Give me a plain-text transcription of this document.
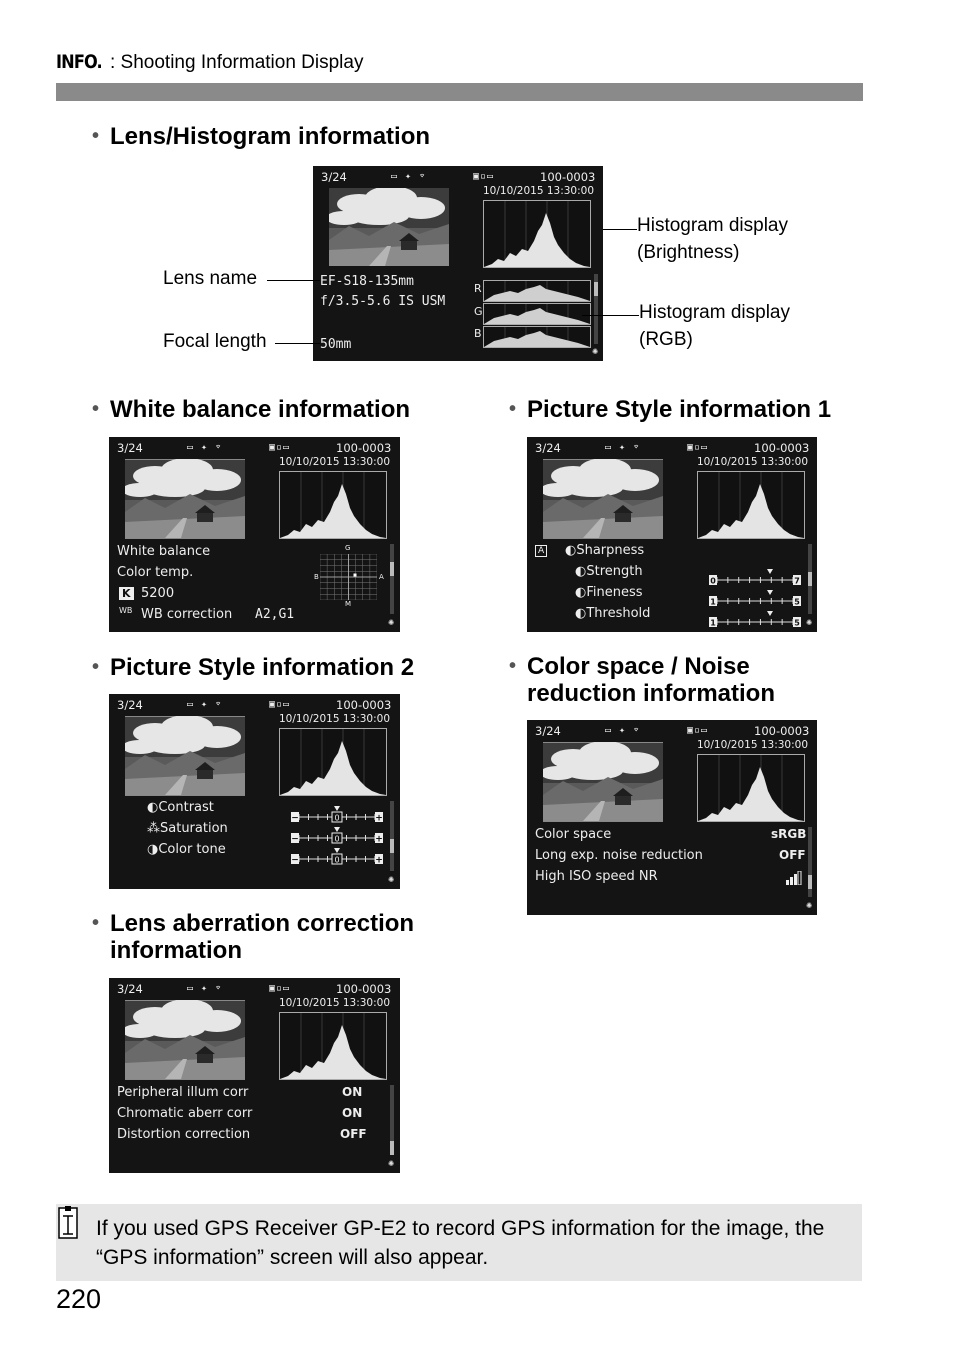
INFO. : Shooting Information Display
• Lens/Histogram information
3/24	▭ ✦ ⌔	▣▫▭	100-0003
10/10/2015 13:30:00
EF-S18-135mm
f/3.5-5.6 IS USM
50mm
R
G
B
✺
Histogram display
(Brightness)
Lens name
Focal length
Histogram display
(RGB)
• White balance information
3/24	▭ ✦ ⌔	▣▫▭	100-0003
10/10/2015 13:30:00
White balance
Color temp.
K 5200
WB WB correction A2,G1
G
M
B	A
✺
• Picture Style information 1
3/24	▭ ✦ ⌔	▣▫▭	100-0003
10/10/2015 13:30:00
A ◐Sharpness
◐Strength
◐Fineness
◐Threshold
0	7
1	5
1	5 ✺
• Picture Style information 2
3/24	▭ ✦ ⌔	▣▫▭	100-0003
10/10/2015 13:30:00
◐Contrast
⁂Saturation
◑Color tone
−	+
0
−	+
0
−	+
0
✺
• Color space / Noise reduction information
3/24	▭ ✦ ⌔	▣▫▭	100-0003
10/10/2015 13:30:00
Color space	sRGB
Long exp. noise reduction	OFF
High ISO speed NR
✺
• Lens aberration correction information
3/24	▭ ✦ ⌔	▣▫▭	100-0003
10/10/2015 13:30:00
Peripheral illum corr	ON
Chromatic aberr corr	ON
Distortion correction	OFF
✺
If you used GPS Receiver GP-E2 to record GPS information for the image, the “GPS information” screen will also appear.
220
